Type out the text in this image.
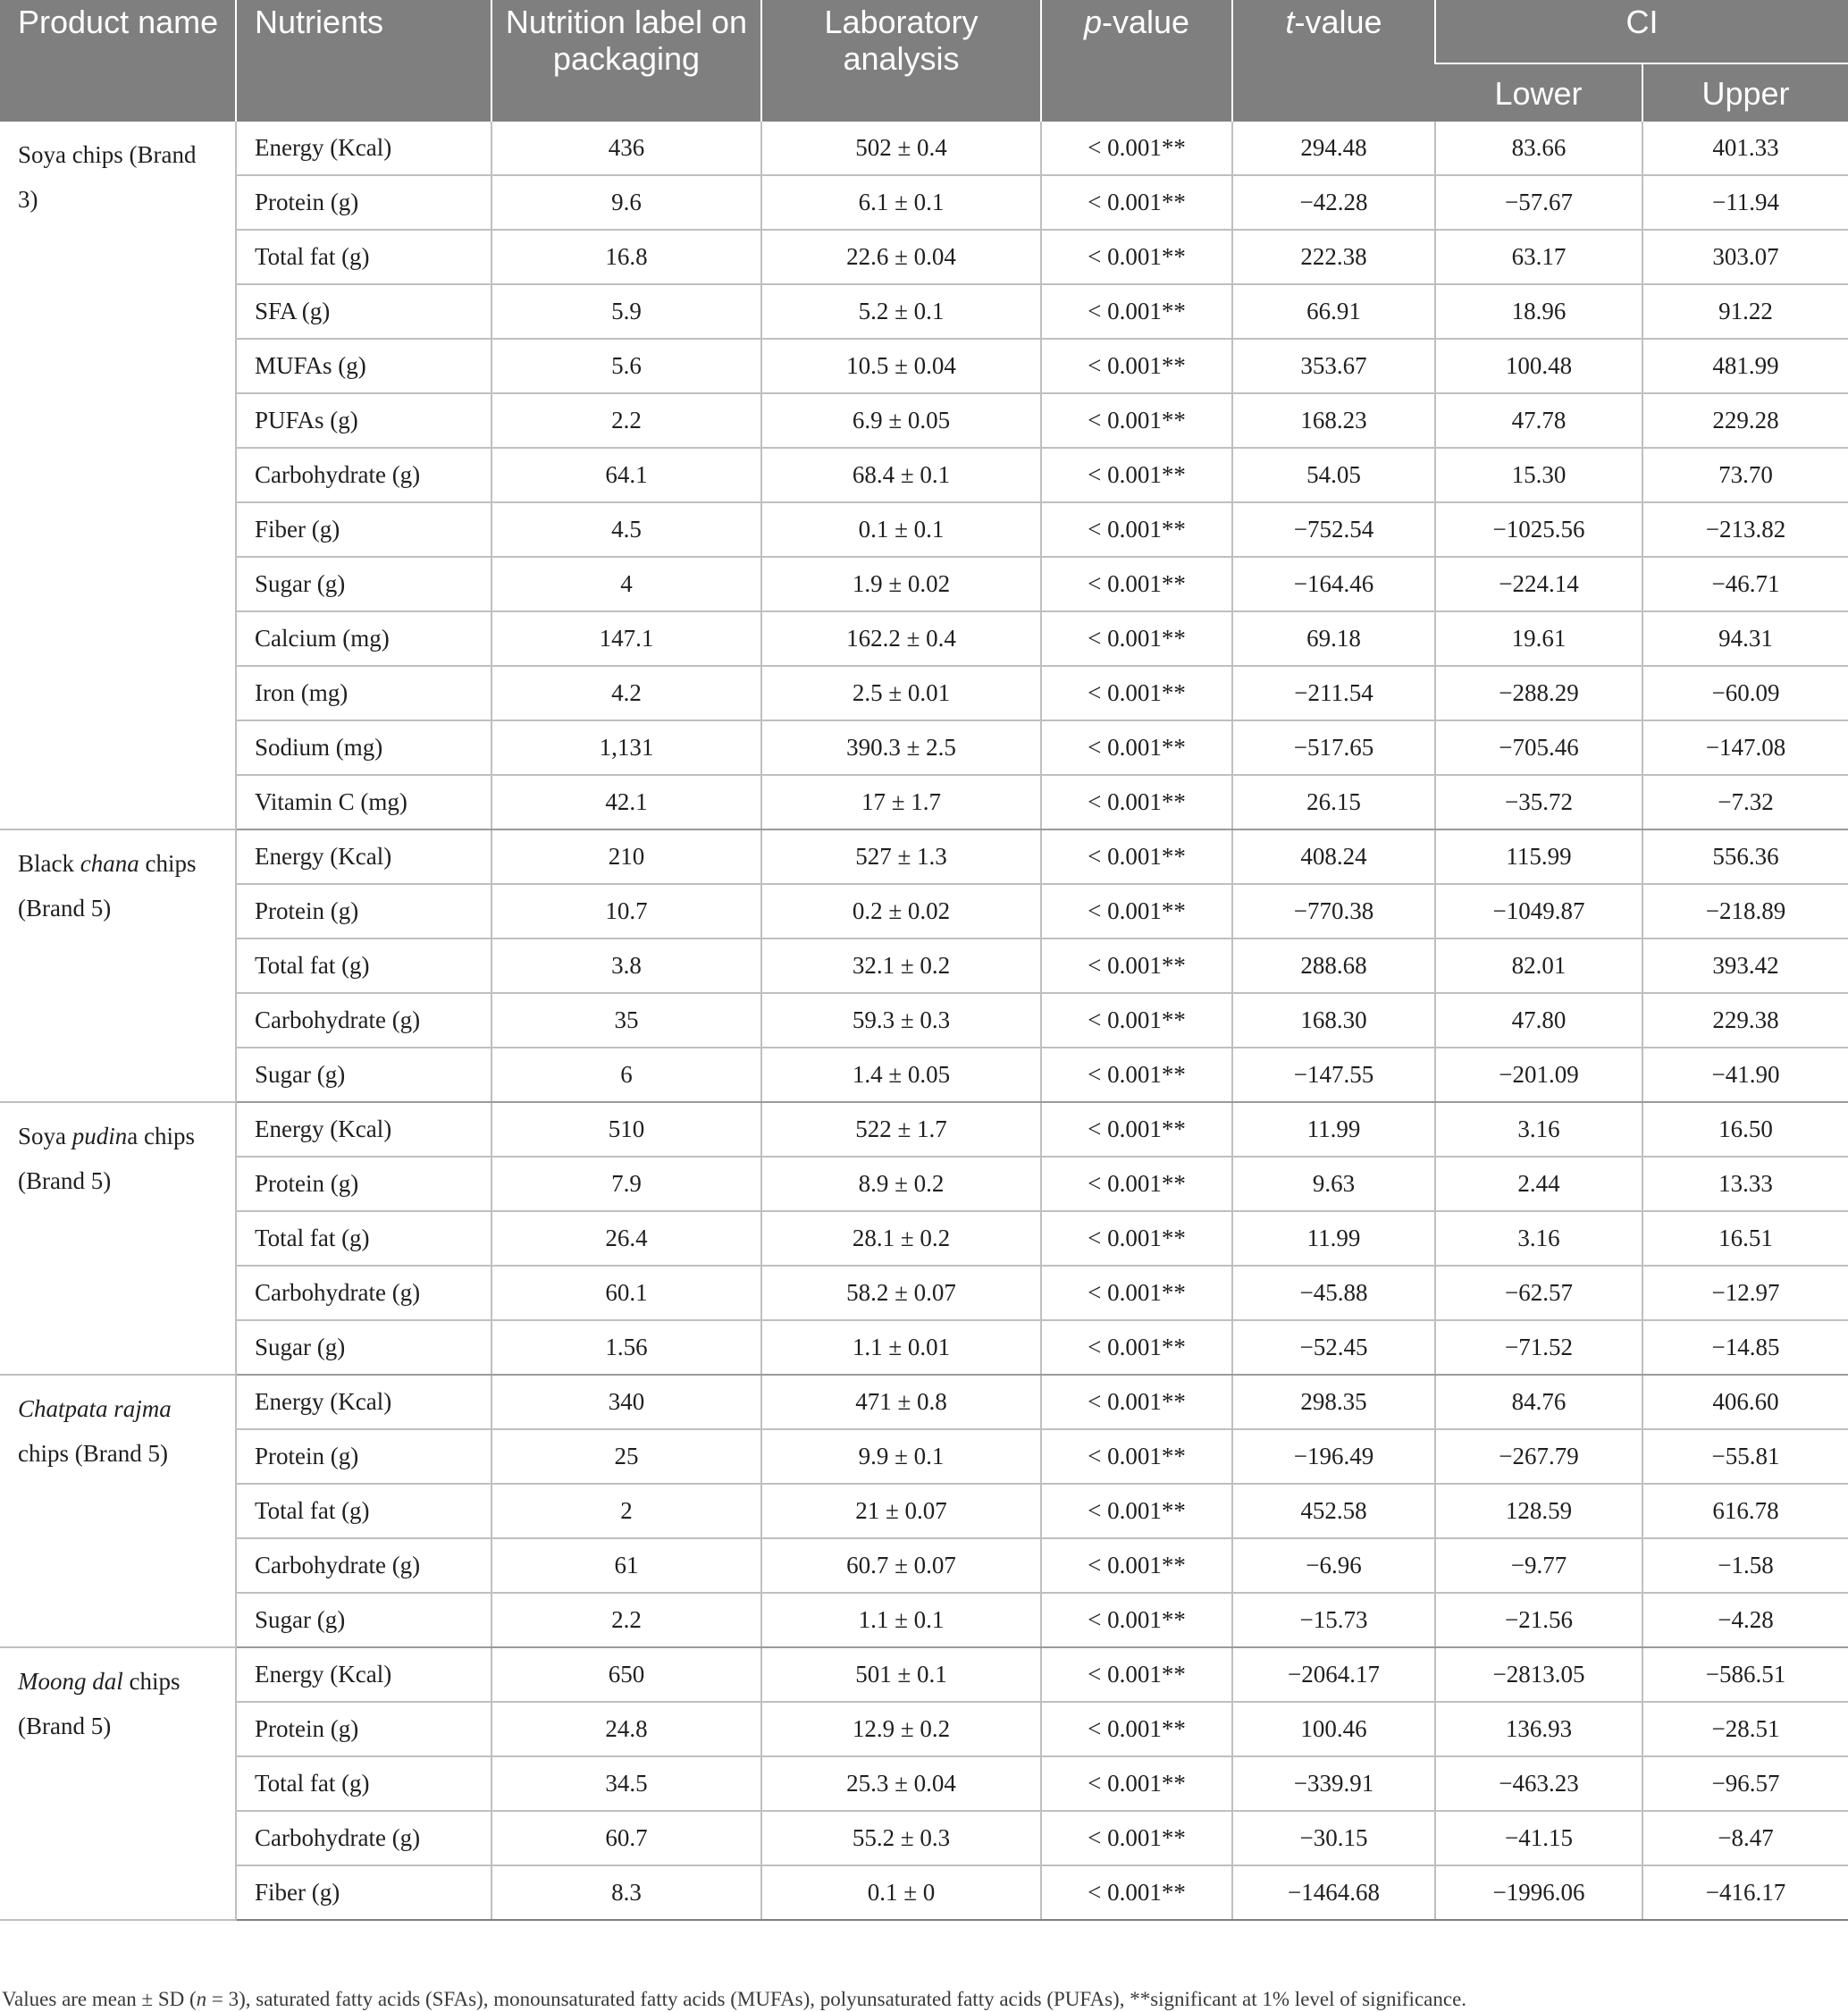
Product name	Nutrients	Nutrition label on packaging	Laboratory analysis	p-value	t-value	CI	
						Lower	Upper
Soya chips (Brand 3)	Energy (Kcal)	436	502 ± 0.4	< 0.001**	294.48	83.66	401.33
	Protein (g)	9.6	6.1 ± 0.1	< 0.001**	−42.28	−57.67	−11.94
	Total fat (g)	16.8	22.6 ± 0.04	< 0.001**	222.38	63.17	303.07
	SFA (g)	5.9	5.2 ± 0.1	< 0.001**	66.91	18.96	91.22
	MUFAs (g)	5.6	10.5 ± 0.04	< 0.001**	353.67	100.48	481.99
	PUFAs (g)	2.2	6.9 ± 0.05	< 0.001**	168.23	47.78	229.28
	Carbohydrate (g)	64.1	68.4 ± 0.1	< 0.001**	54.05	15.30	73.70
	Fiber (g)	4.5	0.1 ± 0.1	< 0.001**	−752.54	−1025.56	−213.82
	Sugar (g)	4	1.9 ± 0.02	< 0.001**	−164.46	−224.14	−46.71
	Calcium (mg)	147.1	162.2 ± 0.4	< 0.001**	69.18	19.61	94.31
	Iron (mg)	4.2	2.5 ± 0.01	< 0.001**	−211.54	−288.29	−60.09
	Sodium (mg)	1,131	390.3 ± 2.5	< 0.001**	−517.65	−705.46	−147.08
	Vitamin C (mg)	42.1	17 ± 1.7	< 0.001**	26.15	−35.72	−7.32
Black chana chips (Brand 5)	Energy (Kcal)	210	527 ± 1.3	< 0.001**	408.24	115.99	556.36
	Protein (g)	10.7	0.2 ± 0.02	< 0.001**	−770.38	−1049.87	−218.89
	Total fat (g)	3.8	32.1 ± 0.2	< 0.001**	288.68	82.01	393.42
	Carbohydrate (g)	35	59.3 ± 0.3	< 0.001**	168.30	47.80	229.38
	Sugar (g)	6	1.4 ± 0.05	< 0.001**	−147.55	−201.09	−41.90
Soya pudina chips (Brand 5)	Energy (Kcal)	510	522 ± 1.7	< 0.001**	11.99	3.16	16.50
	Protein (g)	7.9	8.9 ± 0.2	< 0.001**	9.63	2.44	13.33
	Total fat (g)	26.4	28.1 ± 0.2	< 0.001**	11.99	3.16	16.51
	Carbohydrate (g)	60.1	58.2 ± 0.07	< 0.001**	−45.88	−62.57	−12.97
	Sugar (g)	1.56	1.1 ± 0.01	< 0.001**	−52.45	−71.52	−14.85
Chatpata rajma chips (Brand 5)	Energy (Kcal)	340	471 ± 0.8	< 0.001**	298.35	84.76	406.60
	Protein (g)	25	9.9 ± 0.1	< 0.001**	−196.49	−267.79	−55.81
	Total fat (g)	2	21 ± 0.07	< 0.001**	452.58	128.59	616.78
	Carbohydrate (g)	61	60.7 ± 0.07	< 0.001**	−6.96	−9.77	−1.58
	Sugar (g)	2.2	1.1 ± 0.1	< 0.001**	−15.73	−21.56	−4.28
Moong dal chips (Brand 5)	Energy (Kcal)	650	501 ± 0.1	< 0.001**	−2064.17	−2813.05	−586.51
	Protein (g)	24.8	12.9 ± 0.2	< 0.001**	100.46	136.93	−28.51
	Total fat (g)	34.5	25.3 ± 0.04	< 0.001**	−339.91	−463.23	−96.57
	Carbohydrate (g)	60.7	55.2 ± 0.3	< 0.001**	−30.15	−41.15	−8.47
	Fiber (g)	8.3	0.1 ± 0	< 0.001**	−1464.68	−1996.06	−416.17
Values are mean ± SD (n = 3), saturated fatty acids (SFAs), monounsaturated fatty acids (MUFAs), polyunsaturated fatty acids (PUFAs), **significant at 1% level of significance.
